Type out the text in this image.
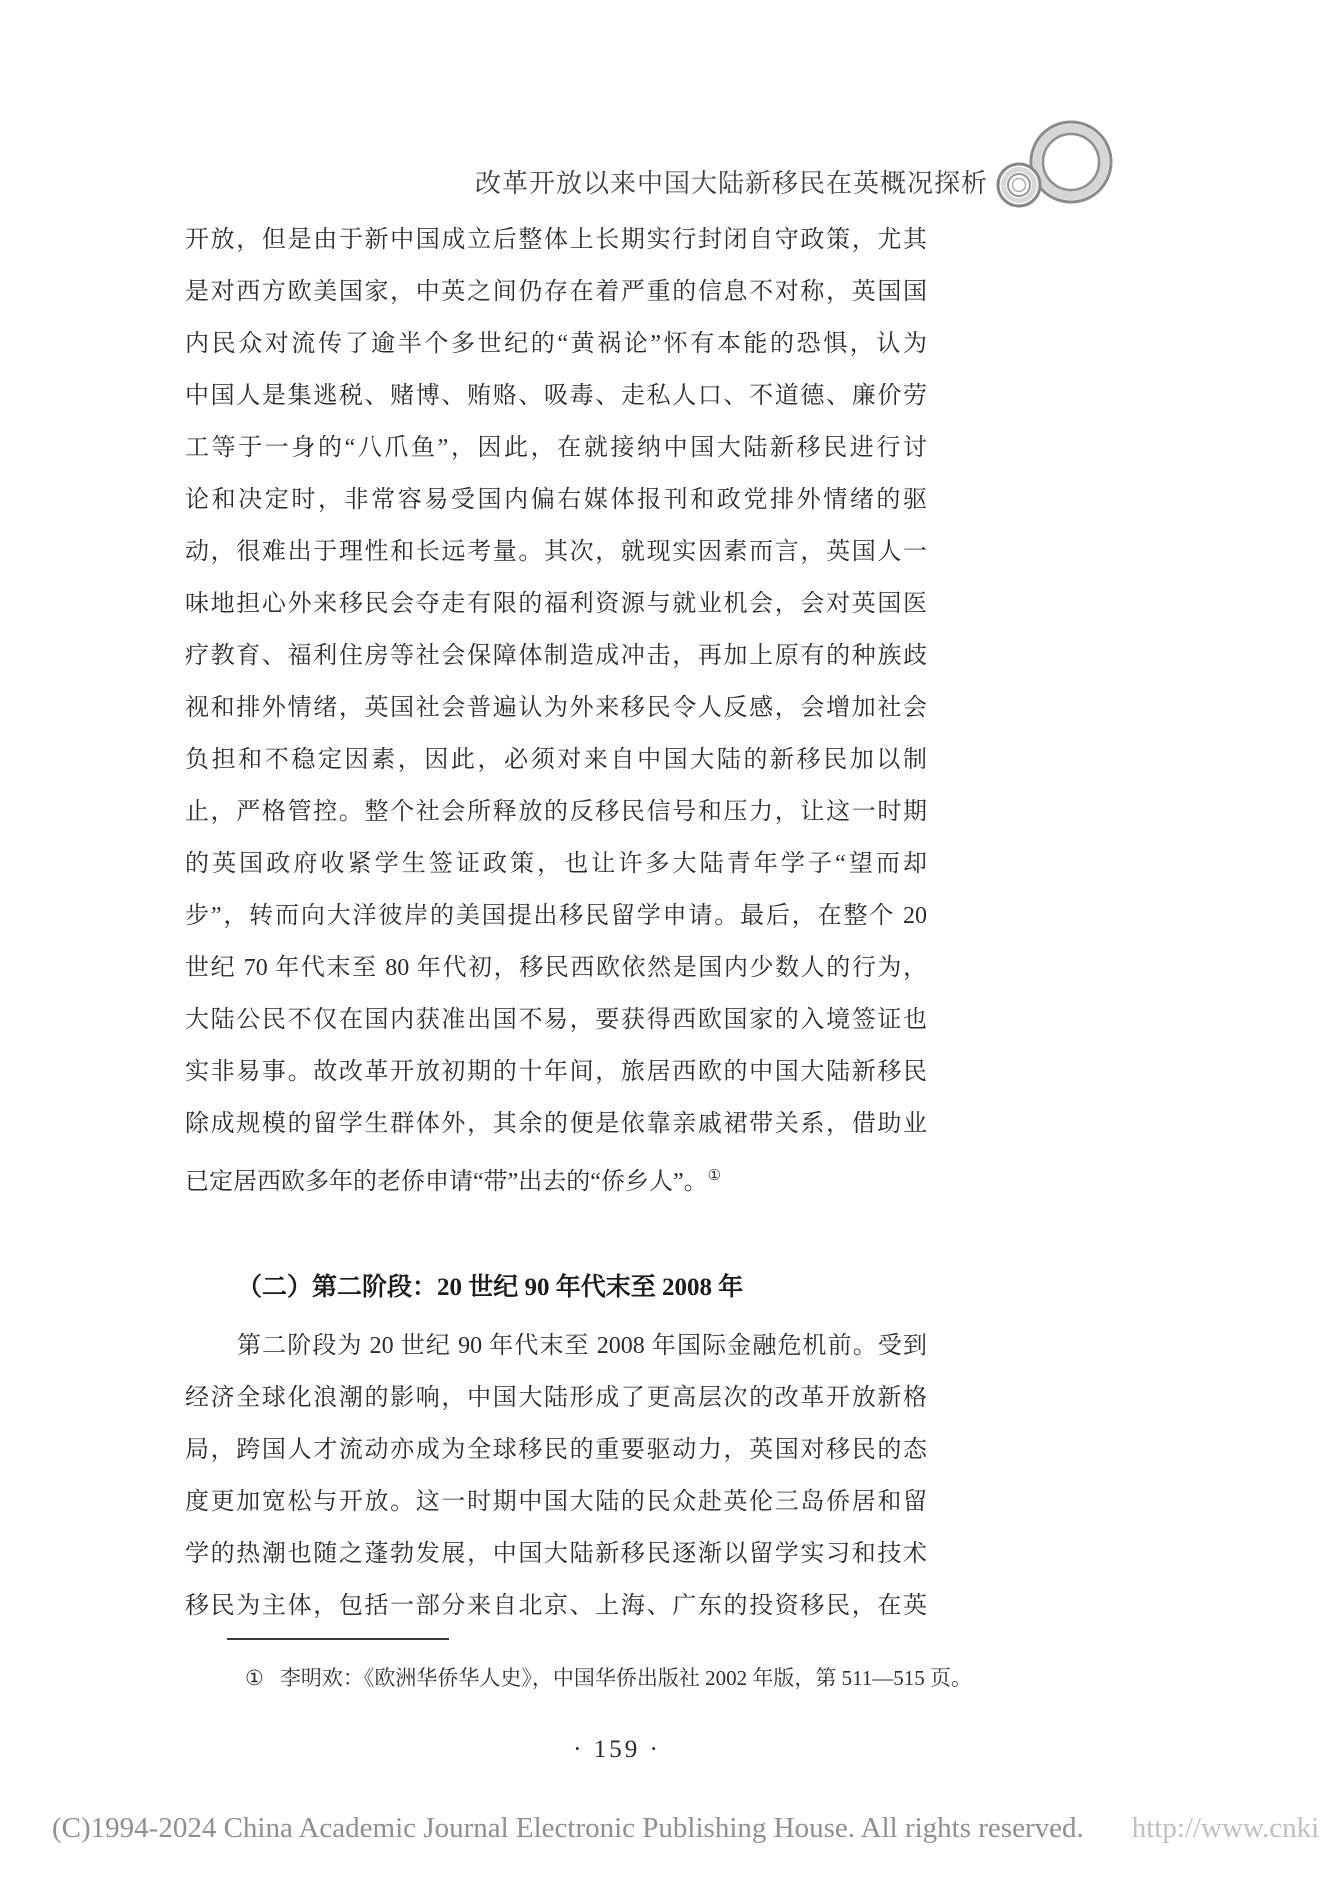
改革开放以来中国大陆新移民在英概况探析
开放，但是由于新中国成立后整体上长期实行封闭自守政策，尤其
是对西方欧美国家，中英之间仍存在着严重的信息不对称，英国国
内民众对流传了逾半个多世纪的“黄祸论”怀有本能的恐惧，认为
中国人是集逃税、赌博、贿赂、吸毒、走私人口、不道德、廉价劳
工等于一身的“八爪鱼”，因此，在就接纳中国大陆新移民进行讨
论和决定时，非常容易受国内偏右媒体报刊和政党排外情绪的驱
动，很难出于理性和长远考量。其次，就现实因素而言，英国人一
味地担心外来移民会夺走有限的福利资源与就业机会，会对英国医
疗教育、福利住房等社会保障体制造成冲击，再加上原有的种族歧
视和排外情绪，英国社会普遍认为外来移民令人反感，会增加社会
负担和不稳定因素，因此，必须对来自中国大陆的新移民加以制
止，严格管控。整个社会所释放的反移民信号和压力，让这一时期
的英国政府收紧学生签证政策，也让许多大陆青年学子“望而却
步”，转而向大洋彼岸的美国提出移民留学申请。最后，在整个 20
世纪 70 年代末至 80 年代初，移民西欧依然是国内少数人的行为，
大陆公民不仅在国内获准出国不易，要获得西欧国家的入境签证也
实非易事。故改革开放初期的十年间，旅居西欧的中国大陆新移民
除成规模的留学生群体外，其余的便是依靠亲戚裙带关系，借助业
已定居西欧多年的老侨申请“带”出去的“侨乡人”。①
（二）第二阶段：20 世纪 90 年代末至 2008 年
第二阶段为 20 世纪 90 年代末至 2008 年国际金融危机前。受到
经济全球化浪潮的影响，中国大陆形成了更高层次的改革开放新格
局，跨国人才流动亦成为全球移民的重要驱动力，英国对移民的态
度更加宽松与开放。这一时期中国大陆的民众赴英伦三岛侨居和留
学的热潮也随之蓬勃发展，中国大陆新移民逐渐以留学实习和技术
移民为主体，包括一部分来自北京、上海、广东的投资移民，在英
① 李明欢：《欧洲华侨华人史》，中国华侨出版社 2002 年版，第 511—515 页。
· 159 ·
(C)1994-2024 China Academic Journal Electronic Publishing House. All rights reserved. http://www.cnki
